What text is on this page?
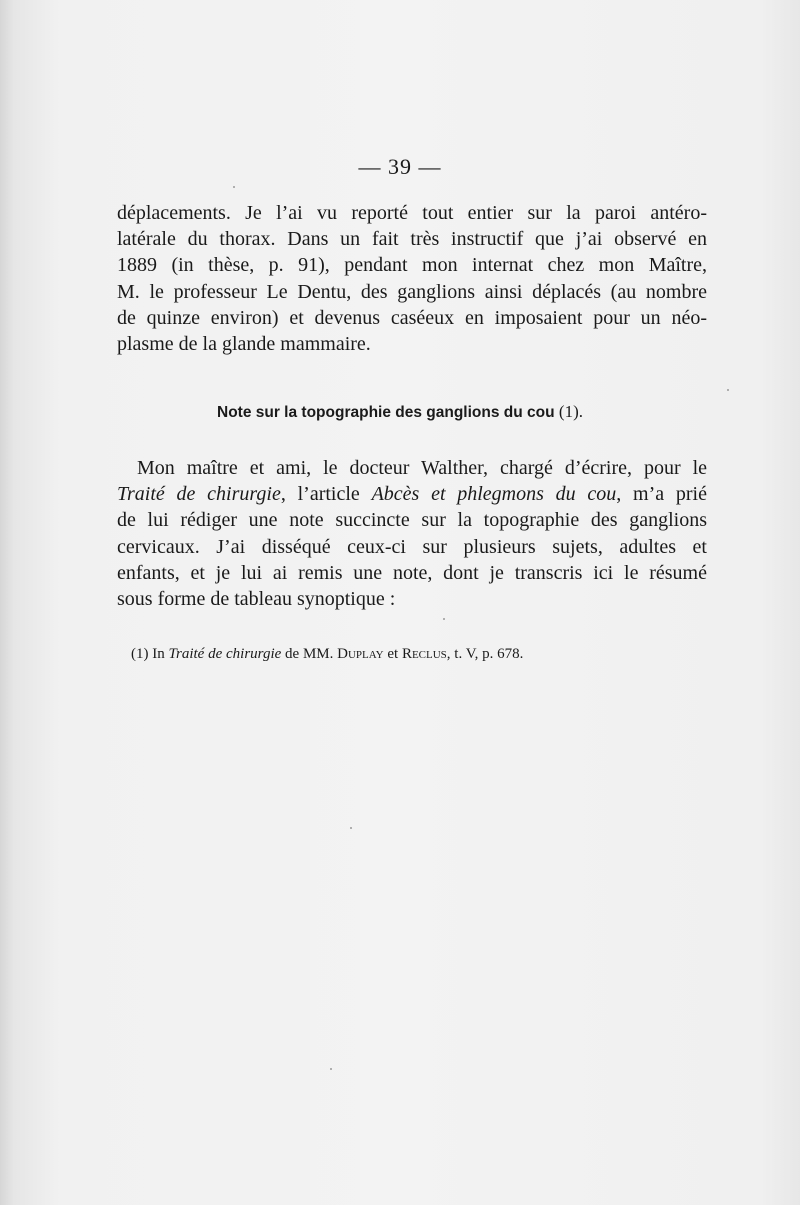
— 39 —

déplacements. Je l’ai vu reporté tout entier sur la paroi antéro-
latérale du thorax. Dans un fait très instructif que j’ai observé en
1889 (in thèse, p. 91), pendant mon internat chez mon Maître,
M. le professeur Le Dentu, des ganglions ainsi déplacés (au nombre
de quinze environ) et devenus caséeux en imposaient pour un néo-
plasme de la glande mammaire.

Note sur la topographie des ganglions du cou (1).

Mon maître et ami, le docteur Walther, chargé d’écrire, pour le
Traité de chirurgie, l’article Abcès et phlegmons du cou, m’a prié
de lui rédiger une note succincte sur la topographie des ganglions
cervicaux. J’ai disséqué ceux-ci sur plusieurs sujets, adultes et
enfants, et je lui ai remis une note, dont je transcris ici le résumé
sous forme de tableau synoptique :

(1) In Traité de chirurgie de MM. Duplay et Reclus, t. V, p. 678.
